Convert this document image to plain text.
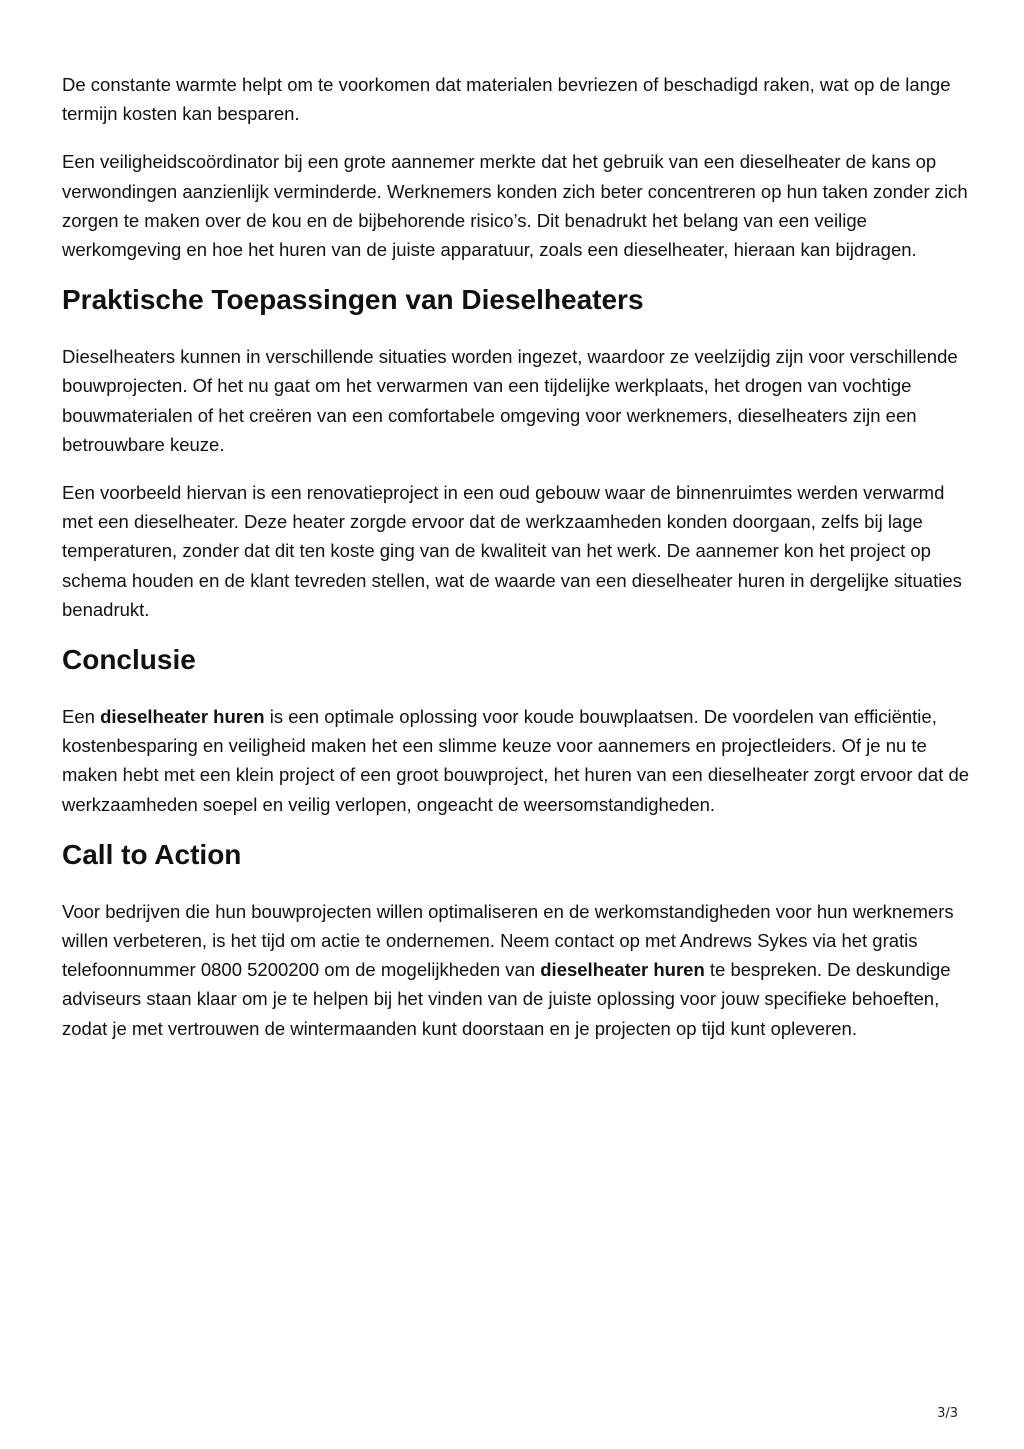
De constante warmte helpt om te voorkomen dat materialen bevriezen of beschadigd raken, wat op de lange termijn kosten kan besparen.

Een veiligheidscoördinator bij een grote aannemer merkte dat het gebruik van een dieselheater de kans op verwondingen aanzienlijk verminderde. Werknemers konden zich beter concentreren op hun taken zonder zich zorgen te maken over de kou en de bijbehorende risico’s. Dit benadrukt het belang van een veilige werkomgeving en hoe het huren van de juiste apparatuur, zoals een dieselheater, hieraan kan bijdragen.

Praktische Toepassingen van Dieselheaters

Dieselheaters kunnen in verschillende situaties worden ingezet, waardoor ze veelzijdig zijn voor verschillende bouwprojecten. Of het nu gaat om het verwarmen van een tijdelijke werkplaats, het drogen van vochtige bouwmaterialen of het creëren van een comfortabele omgeving voor werknemers, dieselheaters zijn een betrouwbare keuze.

Een voorbeeld hiervan is een renovatieproject in een oud gebouw waar de binnenruimtes werden verwarmd met een dieselheater. Deze heater zorgde ervoor dat de werkzaamheden konden doorgaan, zelfs bij lage temperaturen, zonder dat dit ten koste ging van de kwaliteit van het werk. De aannemer kon het project op schema houden en de klant tevreden stellen, wat de waarde van een dieselheater huren in dergelijke situaties benadrukt.

Conclusie

Een dieselheater huren is een optimale oplossing voor koude bouwplaatsen. De voordelen van efficiëntie, kostenbesparing en veiligheid maken het een slimme keuze voor aannemers en projectleiders. Of je nu te maken hebt met een klein project of een groot bouwproject, het huren van een dieselheater zorgt ervoor dat de werkzaamheden soepel en veilig verlopen, ongeacht de weersomstandigheden.

Call to Action

Voor bedrijven die hun bouwprojecten willen optimaliseren en de werkomstandigheden voor hun werknemers willen verbeteren, is het tijd om actie te ondernemen. Neem contact op met Andrews Sykes via het gratis telefoonnummer 0800 5200200 om de mogelijkheden van dieselheater huren te bespreken. De deskundige adviseurs staan klaar om je te helpen bij het vinden van de juiste oplossing voor jouw specifieke behoeften, zodat je met vertrouwen de wintermaanden kunt doorstaan en je projecten op tijd kunt opleveren.

3/3
